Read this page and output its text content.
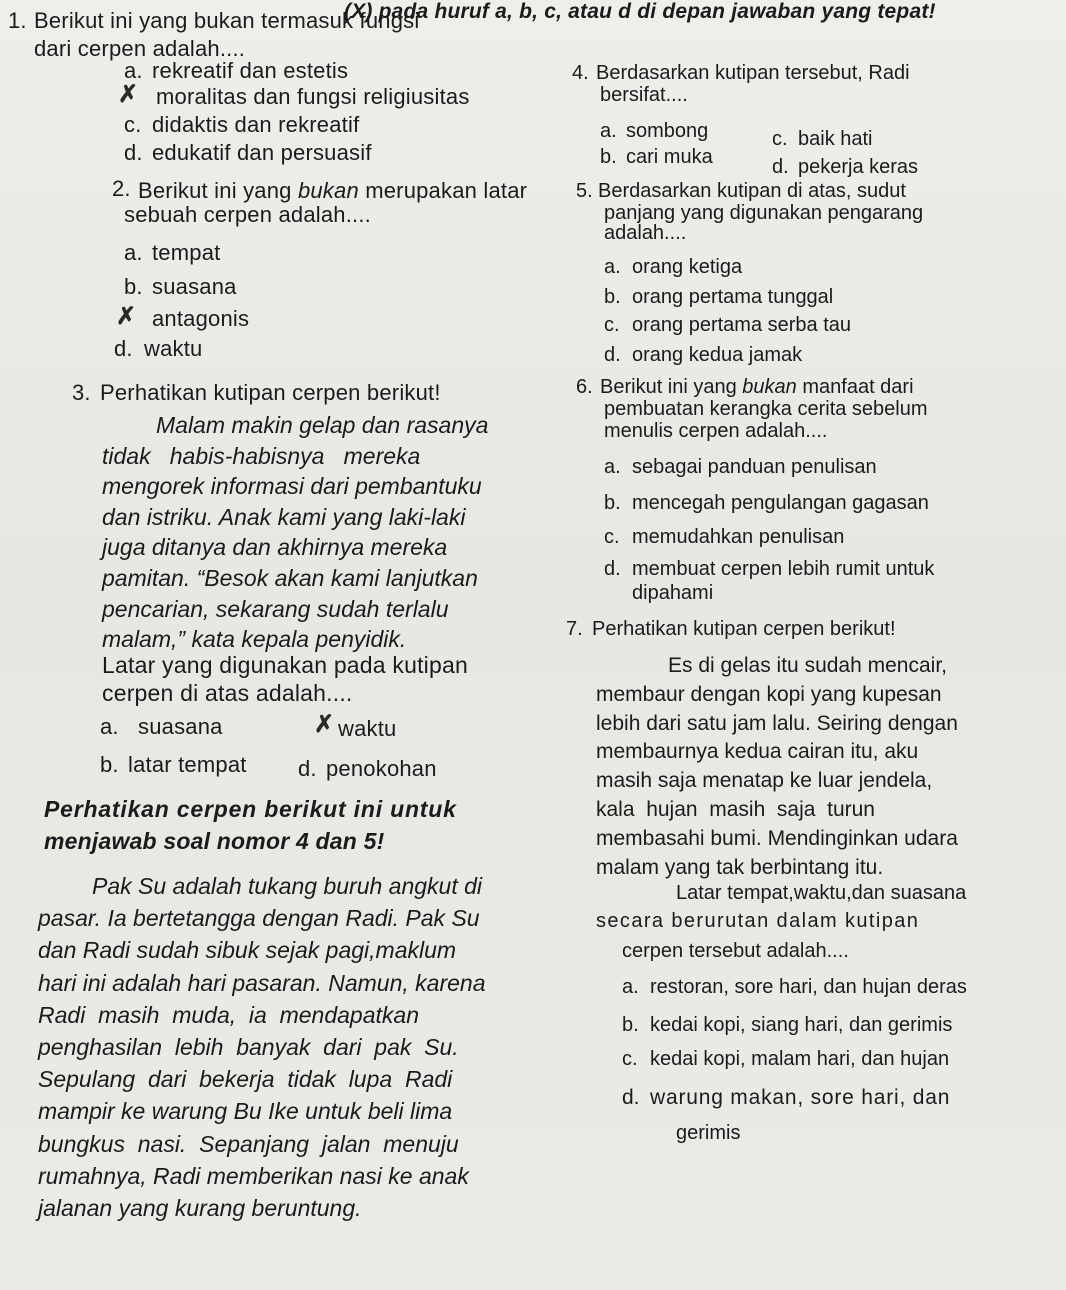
(X) pada huruf a, b, c, atau d di depan jawaban yang tepat!
1. Berikut ini yang bukan termasuk fungsi
dari cerpen adalah....
a. rekreatif dan estetis
✗ moralitas dan fungsi religiusitas
c. didaktis dan rekreatif
d. edukatif dan persuasif
2. Berikut ini yang bukan merupakan latar
sebuah cerpen adalah....
a. tempat
b. suasana
✗ antagonis
d. waktu
3. Perhatikan kutipan cerpen berikut!
Malam makin gelap dan rasanya
tidak   habis-habisnya   mereka
mengorek informasi dari pembantuku
dan istriku. Anak kami yang laki-laki
juga ditanya dan akhirnya mereka
pamitan. “Besok akan kami lanjutkan
pencarian, sekarang sudah terlalu
malam,” kata kepala penyidik.
Latar yang digunakan pada kutipan
cerpen di atas adalah....
a. suasana	✗ waktu
b. latar tempat d. penokohan
Perhatikan cerpen berikut ini untuk
menjawab soal nomor 4 dan 5!
Pak Su adalah tukang buruh angkut di
pasar. Ia bertetangga dengan Radi. Pak Su
dan Radi sudah sibuk sejak pagi,maklum
hari ini adalah hari pasaran. Namun, karena
Radi  masih  muda,  ia  mendapatkan
penghasilan  lebih  banyak  dari  pak  Su.
Sepulang  dari  bekerja  tidak  lupa  Radi
mampir ke warung Bu Ike untuk beli lima
bungkus  nasi.  Sepanjang  jalan  menuju
rumahnya, Radi memberikan nasi ke anak
jalanan yang kurang beruntung.
4. Berdasarkan kutipan tersebut, Radi
bersifat....
a. sombong	c. baik hati
b. cari muka	d. pekerja keras
5. Berdasarkan kutipan di atas, sudut
panjang yang digunakan pengarang
adalah....
a. orang ketiga
b. orang pertama tunggal
c. orang pertama serba tau
d. orang kedua jamak
6. Berikut ini yang bukan manfaat dari
pembuatan kerangka cerita sebelum
menulis cerpen adalah....
a. sebagai panduan penulisan
b. mencegah pengulangan gagasan
c. memudahkan penulisan
d. membuat cerpen lebih rumit untuk
dipahami
7. Perhatikan kutipan cerpen berikut!
Es di gelas itu sudah mencair,
membaur dengan kopi yang kupesan
lebih dari satu jam lalu. Seiring dengan
membaurnya kedua cairan itu, aku
masih saja menatap ke luar jendela,
kala  hujan  masih  saja  turun
membasahi bumi. Mendinginkan udara
malam yang tak berbintang itu.
Latar tempat,waktu,dan suasana
secara berurutan dalam kutipan
cerpen tersebut adalah....
a. restoran, sore hari, dan hujan deras
b. kedai kopi, siang hari, dan gerimis
c. kedai kopi, malam hari, dan hujan
d. warung makan, sore hari, dan
gerimis
